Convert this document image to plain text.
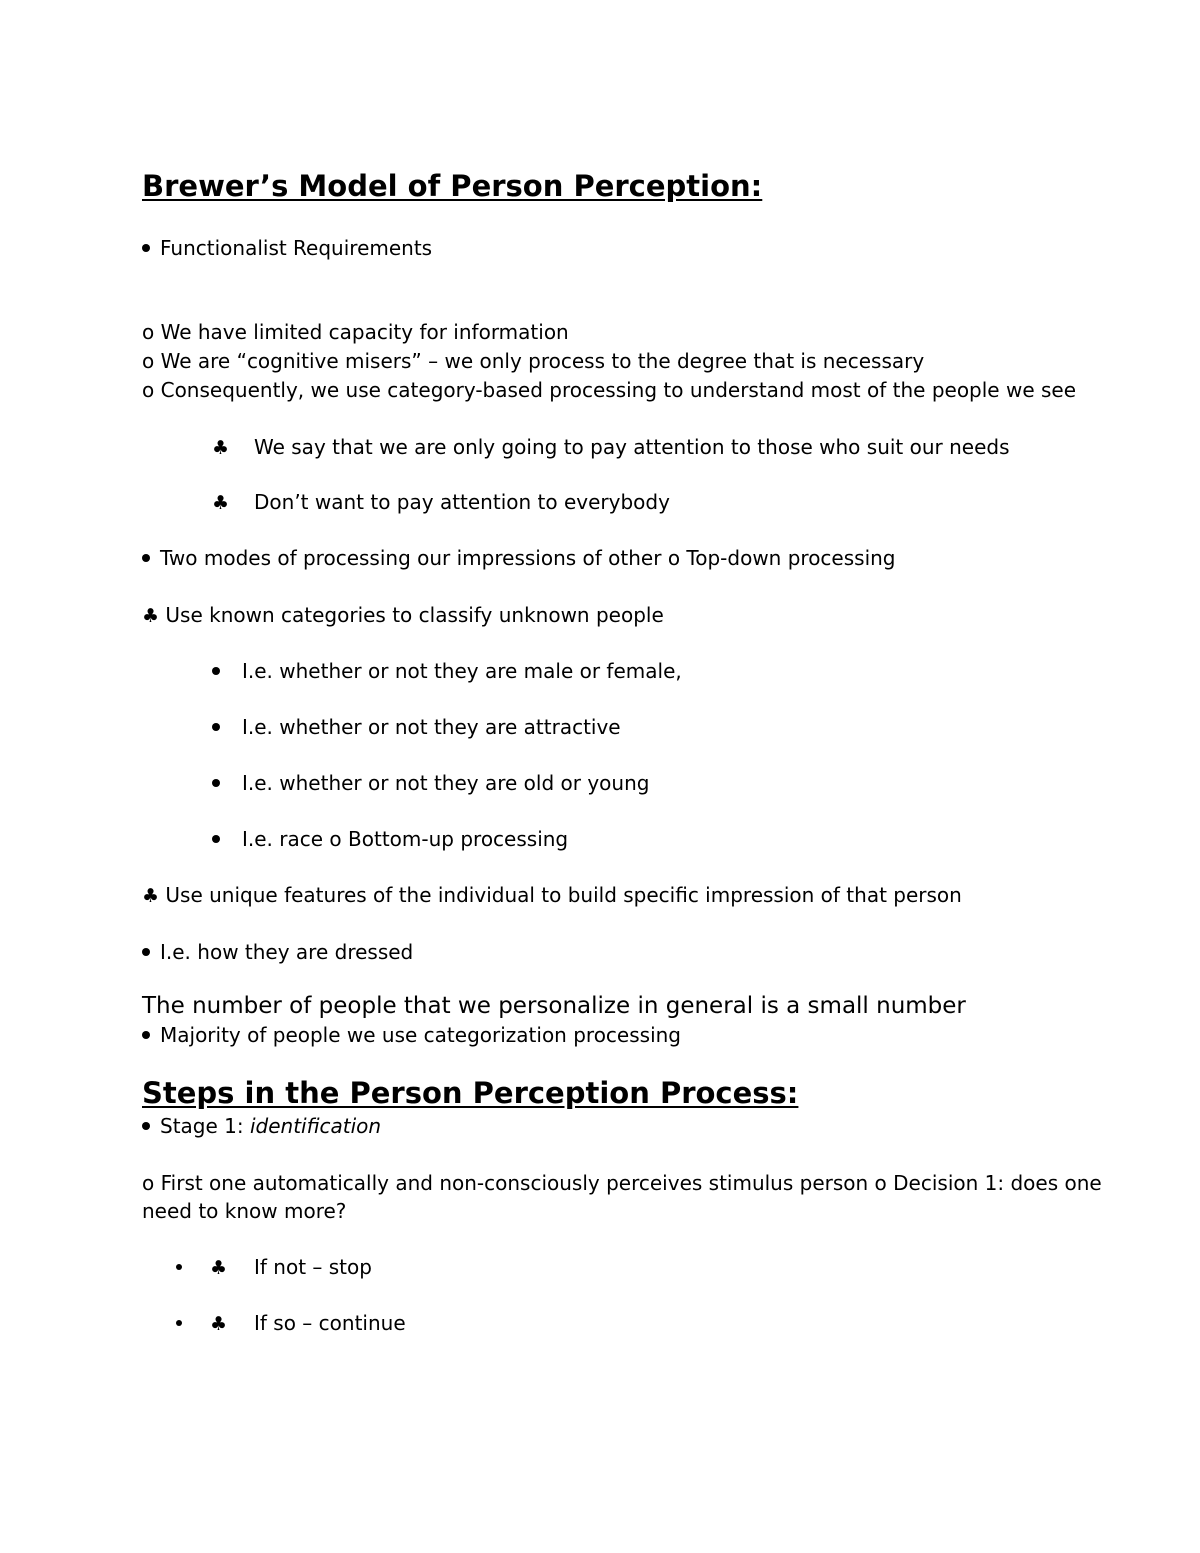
Brewer’s Model of Person Perception:
Functionalist Requirements
o We have limited capacity for information
o We are “cognitive misers” – we only process to the degree that is necessary
o Consequently, we use category-based processing to understand most of the people we see
♣ We say that we are only going to pay attention to those who suit our needs
♣ Don’t want to pay attention to everybody
Two modes of processing our impressions of other o Top-down processing
♣ Use known categories to classify unknown people
I.e. whether or not they are male or female,
I.e. whether or not they are attractive
I.e. whether or not they are old or young
I.e. race o Bottom-up processing
♣ Use unique features of the individual to build specific impression of that person
I.e. how they are dressed
The number of people that we personalize in general is a small number
Majority of people we use categorization processing
Steps in the Person Perception Process:
Stage 1: identification
o First one automatically and non-consciously perceives stimulus person o Decision 1: does one
need to know more?
♣ If not – stop
♣ If so – continue
